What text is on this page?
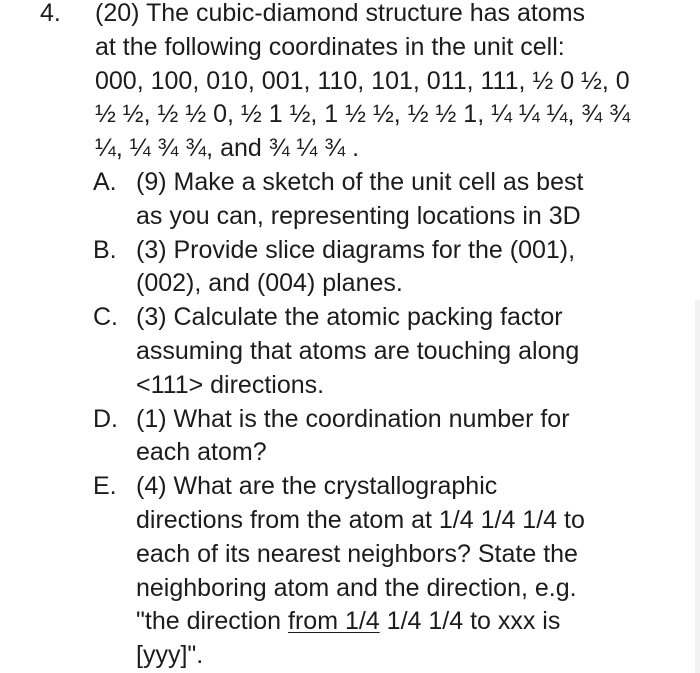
4.	(20) The cubic-diamond structure has atoms

at the following coordinates in the unit cell:

000, 100, 010, 001, 110, 101, 011, 111, ½ 0 ½, 0

½ ½, ½ ½ 0, ½ 1 ½, 1 ½ ½, ½ ½ 1, ¼ ¼ ¼, ¾ ¾

¼, ¼ ¾ ¾, and ¾ ¼ ¾ .

A. (9) Make a sketch of the unit cell as best

as you can, representing locations in 3D

B. (3) Provide slice diagrams for the (001),

(002), and (004) planes.

C. (3) Calculate the atomic packing factor

assuming that atoms are touching along

<111> directions.

D. (1) What is the coordination number for

each atom?

E. (4) What are the crystallographic

directions from the atom at 1/4 1/4 1/4 to

each of its nearest neighbors? State the

neighboring atom and the direction, e.g.

"the direction from 1/4 1/4 1/4 to xxx is

[yyy]".
